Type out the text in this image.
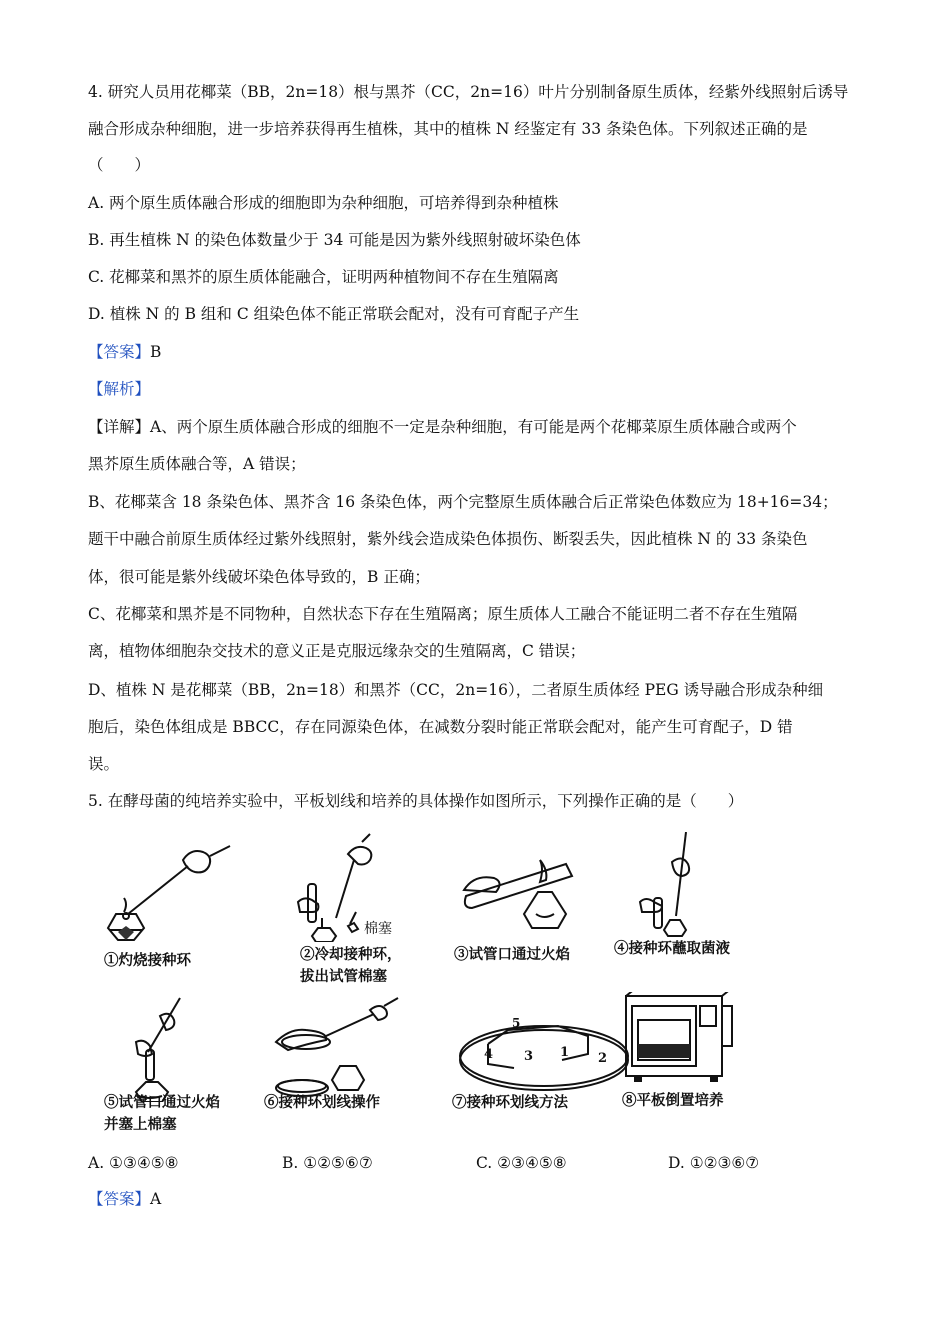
4. 研究人员用花椰菜（BB，2n=18）根与黑芥（CC，2n=16）叶片分别制备原生质体，经紫外线照射后诱导
融合形成杂种细胞，进一步培养获得再生植株，其中的植株 N 经鉴定有 33 条染色体。下列叙述正确的是
（　　）
A. 两个原生质体融合形成的细胞即为杂种细胞，可培养得到杂种植株
B. 再生植株 N 的染色体数量少于 34 可能是因为紫外线照射破坏染色体
C. 花椰菜和黑芥的原生质体能融合，证明两种植物间不存在生殖隔离
D. 植株 N 的 B 组和 C 组染色体不能正常联会配对，没有可育配子产生
【答案】B
【解析】
【详解】A、两个原生质体融合形成的细胞不一定是杂种细胞，有可能是两个花椰菜原生质体融合或两个
黑芥原生质体融合等，A 错误；
B、花椰菜含 18 条染色体、黑芥含 16 条染色体，两个完整原生质体融合后正常染色体数应为 18+16=34；
题干中融合前原生质体经过紫外线照射，紫外线会造成染色体损伤、断裂丢失，因此植株 N 的 33 条染色
体，很可能是紫外线破坏染色体导致的，B 正确；
C、花椰菜和黑芥是不同物种，自然状态下存在生殖隔离；原生质体人工融合不能证明二者不存在生殖隔
离，植物体细胞杂交技术的意义正是克服远缘杂交的生殖隔离，C 错误；
D、植株 N 是花椰菜（BB，2n=18）和黑芥（CC，2n=16），二者原生质体经 PEG 诱导融合形成杂种细
胞后，染色体组成是 BBCC，存在同源染色体，在减数分裂时能正常联会配对，能产生可育配子，D 错
误。
5. 在酵母菌的纯培养实验中，平板划线和培养的具体操作如图所示，下列操作正确的是（　　）
①灼烧接种环
棉塞
②冷却接种环，
拔出试管棉塞
③试管口通过火焰	④接种环蘸取菌液
⑤试管口通过火焰
并塞上棉塞
⑥接种环划线操作
5
4 3 1 2
⑦接种环划线方法	⑧平板倒置培养
A. ①③④⑤⑧	B. ①②⑤⑥⑦	C. ②③④⑤⑧	D. ①②③⑥⑦
【答案】A
